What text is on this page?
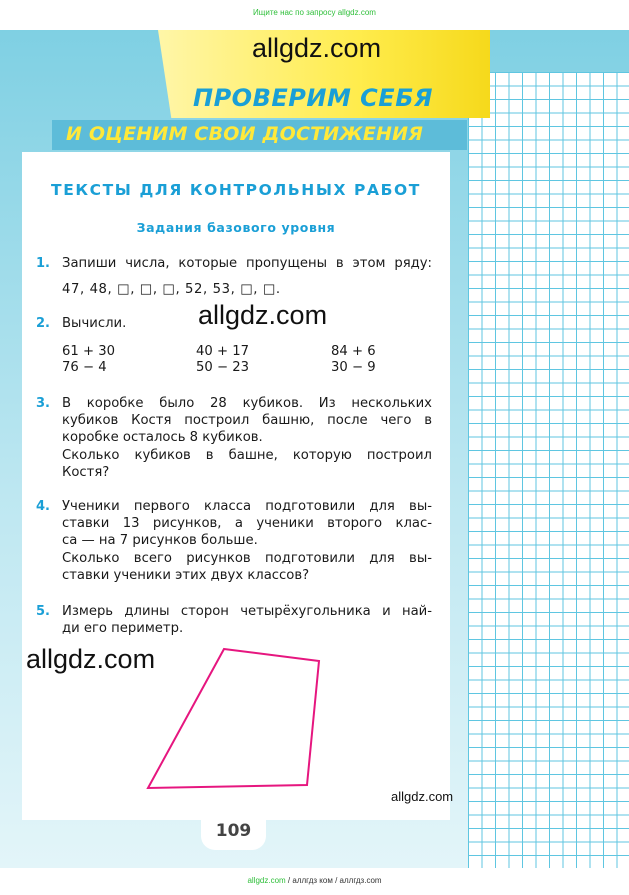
Ищите нас по запросу allgdz.com
allgdz.com
ПРОВЕРИМ СЕБЯ
И ОЦЕНИМ СВОИ ДОСТИЖЕНИЯ
ТЕКСТЫ ДЛЯ КОНТРОЛЬНЫХ РАБОТ
Задания базового уровня
1. Запиши числа, которые пропущены в этом ряду:
47, 48, □, □, □, 52, 53, □, □.
2. Вычисли.
61 + 30	40 + 17	84 + 6
76 − 4	50 − 23	30 − 9
allgdz.com
3. В коробке было 28 кубиков. Из нескольких
кубиков Костя построил башню, после чего в
коробке осталось 8 кубиков.
Сколько кубиков в башне, которую построил
Костя?
4. Ученики первого класса подготовили для вы-
ставки 13 рисунков, а ученики второго клас-
са — на 7 рисунков больше.
Сколько всего рисунков подготовили для вы-
ставки ученики этих двух классов?
5. Измерь длины сторон четырёхугольника и най-
ди его периметр.
allgdz.com
allgdz.com
109
allgdz.com / аллгдз ком / аллгдз.com
